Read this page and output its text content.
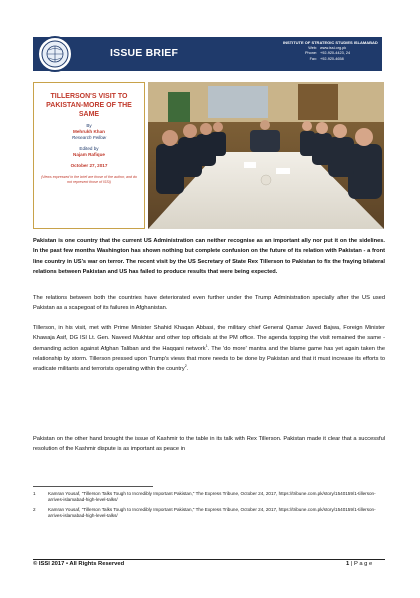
ISSUE BRIEF
INSTITUTE OF STRATEGIC STUDIES ISLAMABAD
Web: www.issi.org.pk
Phone: +92-920-4423, 24
Fax: +92-920-4658
TILLERSON'S VISIT TO PAKISTAN-MORE OF THE SAME
By
Mehrukh Khan
Research Fellow
Edited by
Najam Rafique
October 27, 2017
(Views expressed in the brief are those of the author, and do not represent those of ISSI)
Pakistan is one country that the current US Administration can neither recognise as an important ally nor put it on the sidelines. In the past few months Washington has shown nothing but complete confusion on the future of its relation with Pakistan - a front line country in US's war on terror. The recent visit by the US Secretary of State Rex Tillerson to Pakistan to fix the fraying bilateral relations between Pakistan and US has failed to produce results that were being expected.
The relations between both the countries have deteriorated even further under the Trump Administration specially after the US used Pakistan as a scapegoat of its failures in Afghanistan.
Tillerson, in his visit, met with Prime Minister Shahid Khaqan Abbasi, the military chief General Qamar Javed Bajwa, Foreign Minister Khawaja Asif, DG ISI Lt. Gen. Naveed Mukhtar and other top officials at the PM office. The agenda topping the visit remained the same - demanding action against Afghan Taliban and the Haqqani network$^1$. The 'do more' mantra and the blame game has yet again taken the relationship by storm. Tillerson pressed upon Trump's views that more needs to be done by Pakistan and that it must increase its efforts to eradicate militants and terrorists operating within the country$^2$.
Pakistan on the other hand brought the issue of Kashmir to the table in its talk with Rex Tillerson. Pakistan made it clear that a successful resolution of the Kashmir dispute is as important as peace in
1	Kamran Yousaf, "Tillerson Talks Tough to Incredibly Important Pakistan," The Express Tribune, October 24, 2017, https://tribune.com.pk/story/1540159/1-tillerson-arrives-islamabad-high-level-talks/
2	Kamran Yousaf, "Tillerson Talks Tough to Incredibly Important Pakistan," The Express Tribune, October 24, 2017, https://tribune.com.pk/story/1540159/1-tillerson-arrives-islamabad-high-level-talks/
© ISSI 2017 • All Rights Reserved	1 | P a g e
